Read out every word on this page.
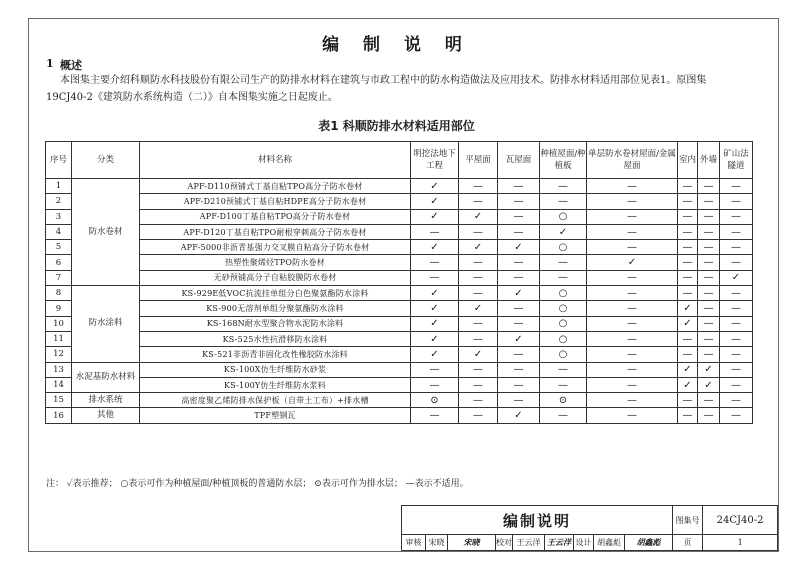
编 制 说 明
1 概述
本图集主要介绍科顺防水科技股份有限公司生产的防排水材料在建筑与市政工程中的防水构造做法及应用技术。防排水材料适用部位见表1。原图集19CJ40-2《建筑防水系统构造（二）》自本图集实施之日起废止。
表1 科顺防排水材料适用部位
序号	分类	材料名称	明挖法地下工程	平屋面	瓦屋面	种植屋面/种植板	单层防水卷材屋面/金属屋面	室内	外墙	矿山法隧道
1	防水卷材	APF-D110预铺式丁基自粘TPO高分子防水卷材	✓	—	—	—	—	—	—	—
2		APF-D210预铺式丁基自粘HDPE高分子防水卷材	✓	—	—	—	—	—	—	—
3		APF-D100丁基自粘TPO高分子防水卷材	✓	✓	—	○	—	—	—	—
4		APF-D120丁基自粘TPO耐根穿刺高分子防水卷材	—	—	—	✓	—	—	—	—
5		APF-5000非沥青基强力交叉膜自粘高分子防水卷材	✓	✓	✓	○	—	—	—	—
6		热塑性聚烯烃TPO防水卷材	—	—	—	—	✓	—	—	—
7		无砂预铺高分子自粘胶膜防水卷材	—	—	—	—	—	—	—	✓
8	防水涂料	KS-929E低VOC抗流挂单组分白色聚氨酯防水涂料	✓	—	✓	○	—	—	—	—
9		KS-900无溶剂单组分聚氨酯防水涂料	✓	✓	—	○	—	✓	—	—
10		KS-168N耐水型聚合物水泥防水涂料	✓	—	—	○	—	✓	—	—
11		KS-525水性抗滑移防水涂料	✓	—	✓	○	—	—	—	—
12		KS-521非沥青非固化改性橡胶防水涂料	✓	✓	—	○	—	—	—	—
13	水泥基防水材料	KS-100X仿生纤维防水砂浆	—	—	—	—	—	✓	✓	—
14		KS-100Y仿生纤维防水浆料	—	—	—	—	—	✓	✓	—
15	排水系统	高密度聚乙烯防排水保护板（自带土工布）+排水槽	⊙	—	—	⊙	—	—	—	—
16	其他	TPF塑钢瓦	—	—	✓	—	—	—	—	—
注： ✓表示推荐； ○表示可作为种植屋面/种植顶板的普通防水层； ⊙表示可作为排水层； —表示不适用。
编制说明									图集号	24CJ40-2
审核	宋晓	宋晓	校对	王云洋	王云洋	设计	胡鑫彪	胡鑫彪	页	1
